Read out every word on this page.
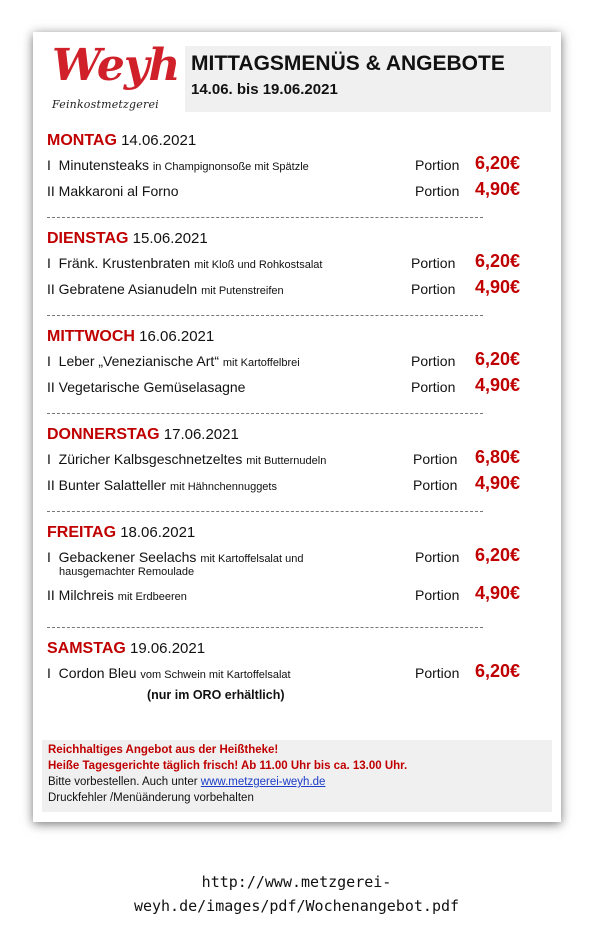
Weyh
Feinkostmetzgerei
MITTAGSMENÜS & ANGEBOTE
14.06. bis 19.06.2021
MONTAG 14.06.2021
I Minutensteaks in Champignonsoße mit Spätzle	Portion 6,20€
II Makkaroni al Forno	Portion 4,90€
DIENSTAG 15.06.2021
I Fränk. Krustenbraten mit Kloß und Rohkostsalat	Portion 6,20€
II Gebratene Asianudeln mit Putenstreifen	Portion 4,90€
MITTWOCH 16.06.2021
I Leber „Venezianische Art“ mit Kartoffelbrei	Portion 6,20€
II Vegetarische Gemüselasagne	Portion 4,90€
DONNERSTAG 17.06.2021
I Züricher Kalbsgeschnetzeltes mit Butternudeln	Portion 6,80€
II Bunter Salatteller mit Hähnchennuggets	Portion 4,90€
FREITAG 18.06.2021
I Gebackener Seelachs mit Kartoffelsalat und	Portion 6,20€
hausgemachter Remoulade
II Milchreis mit Erdbeeren	Portion 4,90€
SAMSTAG 19.06.2021
I Cordon Bleu vom Schwein mit Kartoffelsalat	Portion 6,20€
(nur im ORO erhältlich)
Reichhaltiges Angebot aus der Heißtheke!
Heiße Tagesgerichte täglich frisch! Ab 11.00 Uhr bis ca. 13.00 Uhr.
Bitte vorbestellen. Auch unter www.metzgerei-weyh.de
Druckfehler /Menüänderung vorbehalten
http://www.metzgerei-
weyh.de/images/pdf/Wochenangebot.pdf
